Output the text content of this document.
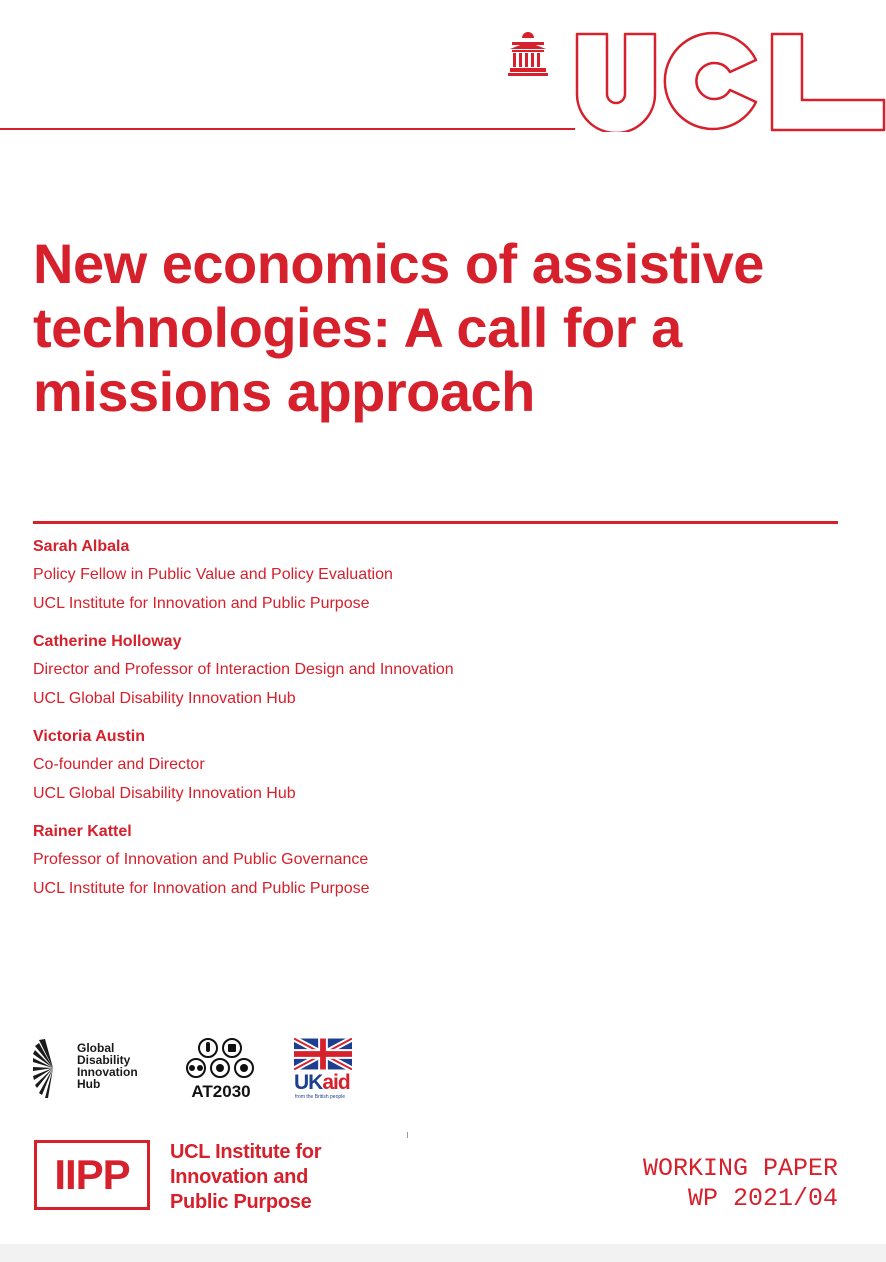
New economics of assistive
technologies: A call for a
missions approach
Sarah Albala
Policy Fellow in Public Value and Policy Evaluation
UCL Institute for Innovation and Public Purpose
Catherine Holloway
Director and Professor of Interaction Design and Innovation
UCL Global Disability Innovation Hub
Victoria Austin
Co-founder and Director
UCL Global Disability Innovation Hub
Rainer Kattel
Professor of Innovation and Public Governance
UCL Institute for Innovation and Public Purpose
Global
Disability
Innovation
Hub	AT2030	UKaid
from the British people
IIPP	UCL Institute for
Innovation and
Public Purpose
WORKING PAPER
WP 2021/04
